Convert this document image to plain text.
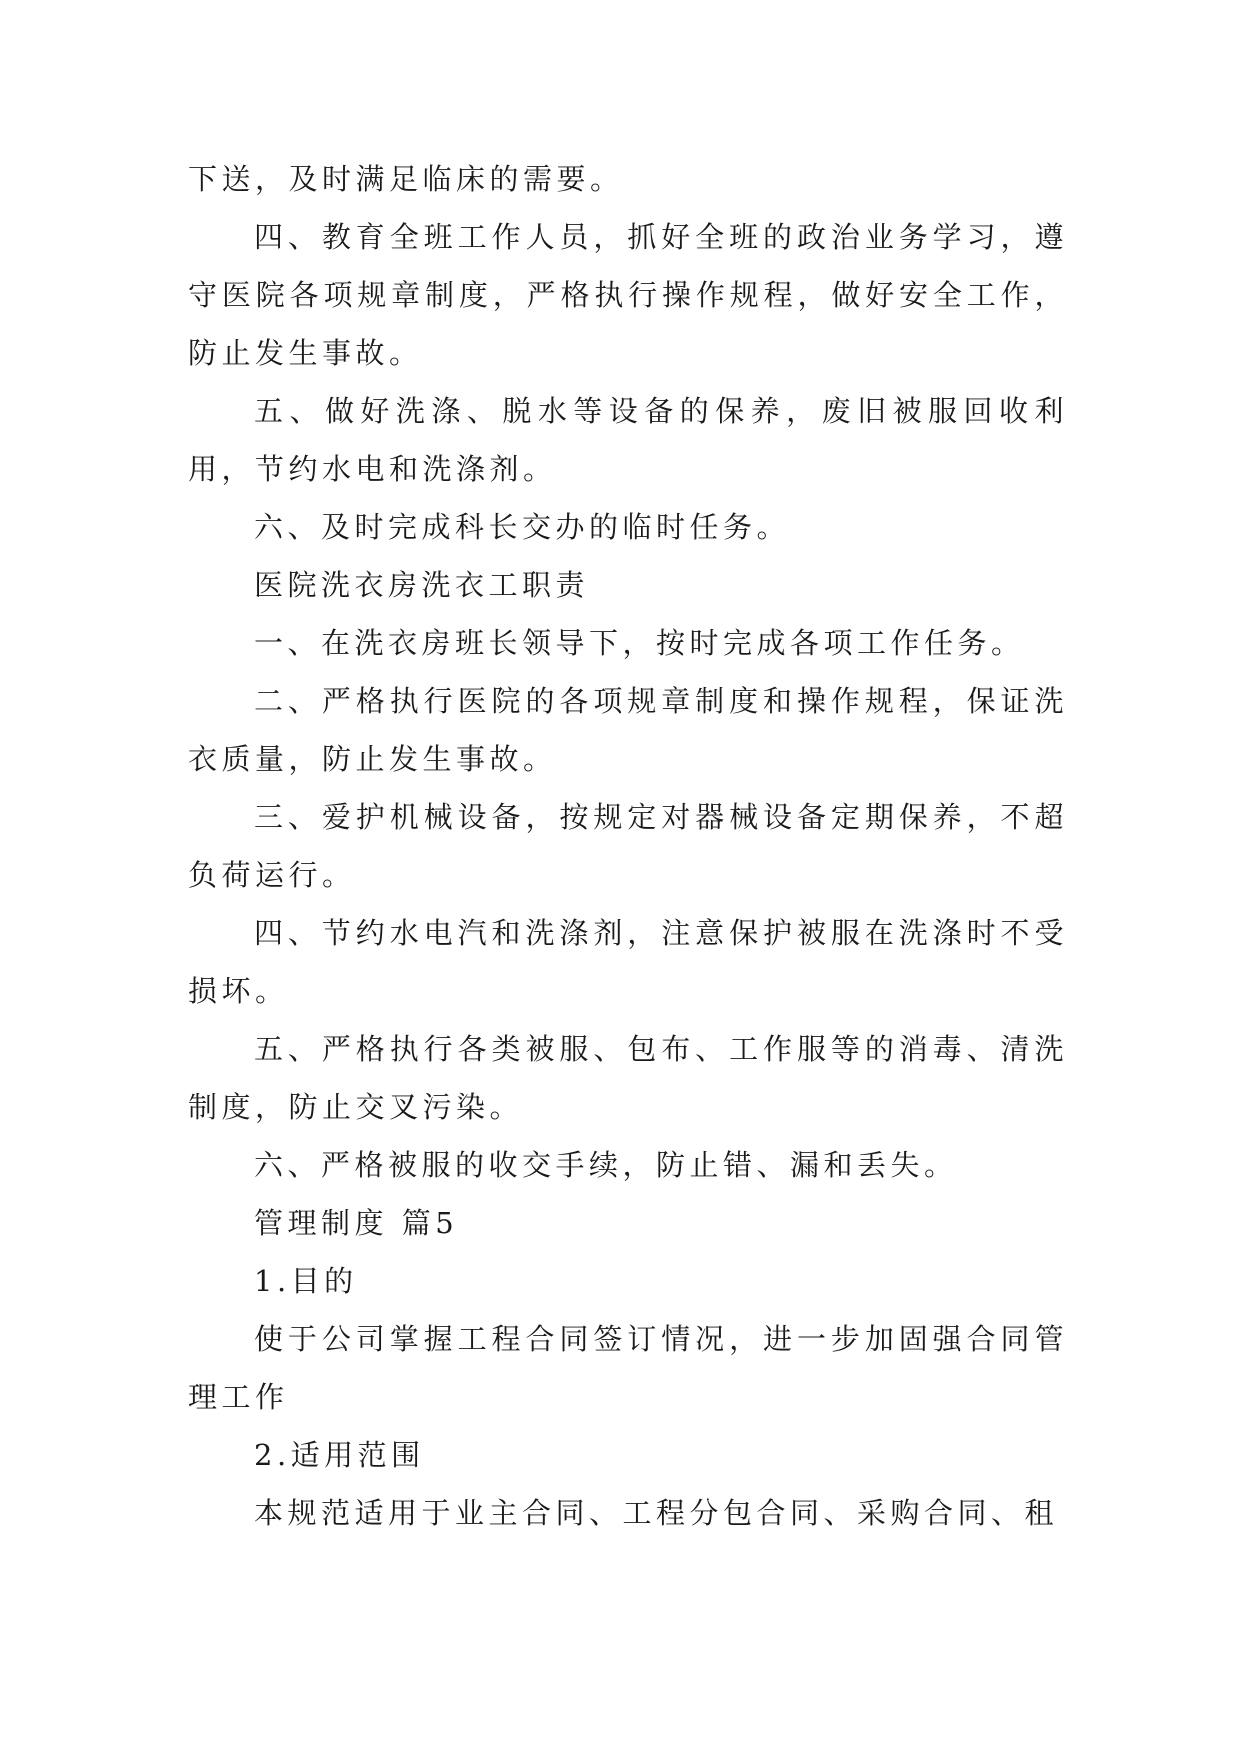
下送，及时满足临床的需要。

四、教育全班工作人员，抓好全班的政治业务学习，遵守医院各项规章制度，严格执行操作规程，做好安全工作，防止发生事故。

五、做好洗涤、脱水等设备的保养，废旧被服回收利用，节约水电和洗涤剂。

六、及时完成科长交办的临时任务。

医院洗衣房洗衣工职责

一、在洗衣房班长领导下，按时完成各项工作任务。

二、严格执行医院的各项规章制度和操作规程，保证洗衣质量，防止发生事故。

三、爱护机械设备，按规定对器械设备定期保养，不超负荷运行。

四、节约水电汽和洗涤剂，注意保护被服在洗涤时不受损坏。

五、严格执行各类被服、包布、工作服等的消毒、清洗制度，防止交叉污染。

六、严格被服的收交手续，防止错、漏和丢失。

管理制度 篇5

1.目的

使于公司掌握工程合同签订情况，进一步加固强合同管理工作

2.适用范围

本规范适用于业主合同、工程分包合同、采购合同、租
